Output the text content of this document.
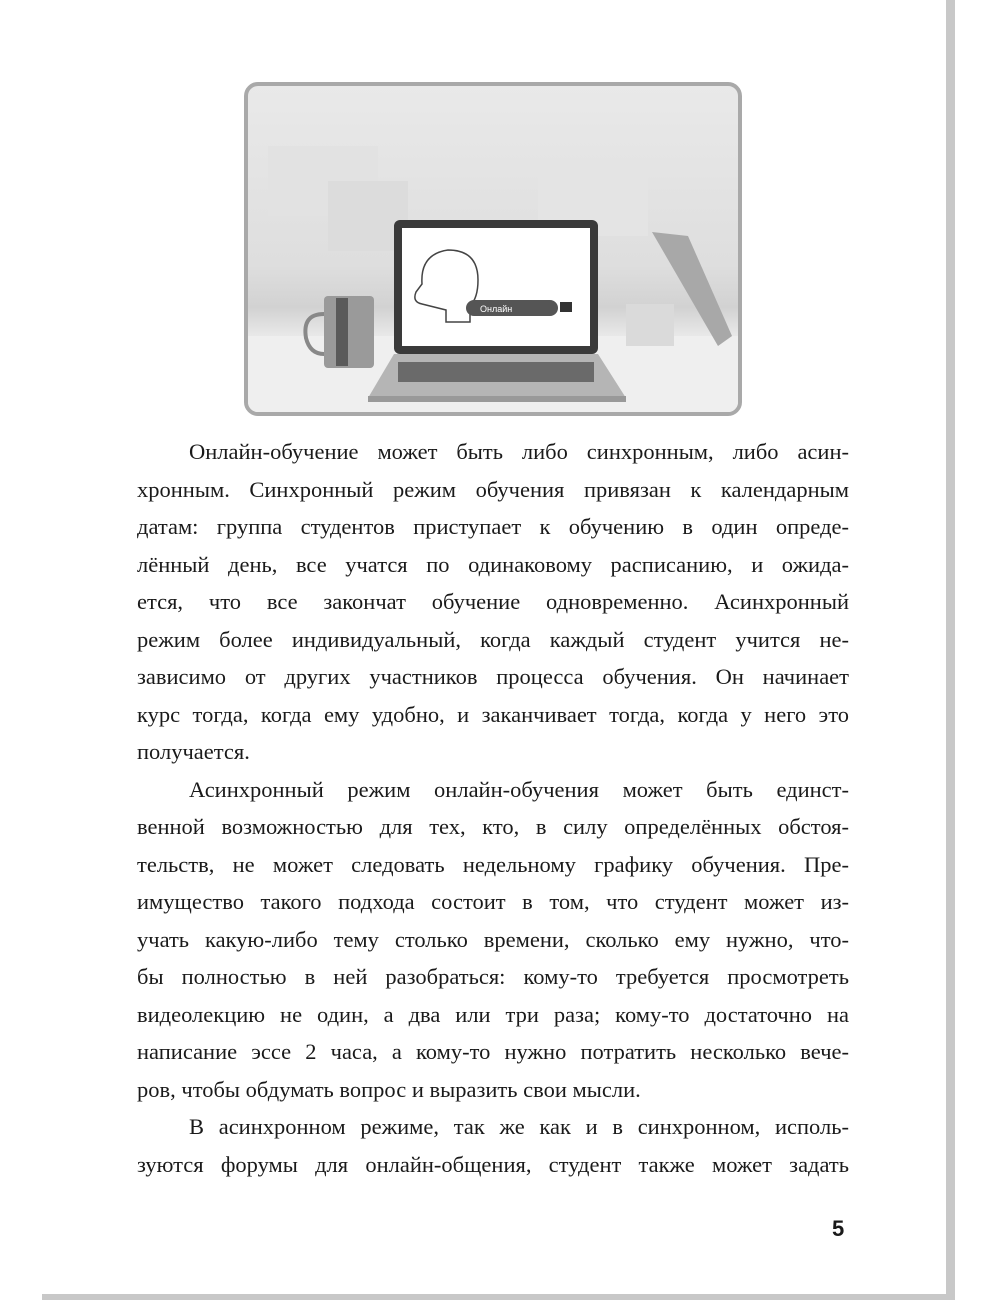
Онлайн
Онлайн-обучение может быть либо синхронным, либо асин-
хронным. Синхронный режим обучения привязан к календарным
датам: группа студентов приступает к обучению в один опреде-
лённый день, все учатся по одинаковому расписанию, и ожида-
ется, что все закончат обучение одновременно. Асинхронный
режим более индивидуальный, когда каждый студент учится не-
зависимо от других участников процесса обучения. Он начинает
курс тогда, когда ему удобно, и заканчивает тогда, когда у него это
получается.
Асинхронный режим онлайн-обучения может быть единст-
венной возможностью для тех, кто, в силу определённых обстоя-
тельств, не может следовать недельному графику обучения. Пре-
имущество такого подхода состоит в том, что студент может из-
учать какую-либо тему столько времени, сколько ему нужно, что-
бы полностью в ней разобраться: кому-то требуется просмотреть
видеолекцию не один, а два или три раза; кому-то достаточно на
написание эссе 2 часа, а кому-то нужно потратить несколько вече-
ров, чтобы обдумать вопрос и выразить свои мысли.
В асинхронном режиме, так же как и в синхронном, исполь-
зуются форумы для онлайн-общения, студент также может задать
5
